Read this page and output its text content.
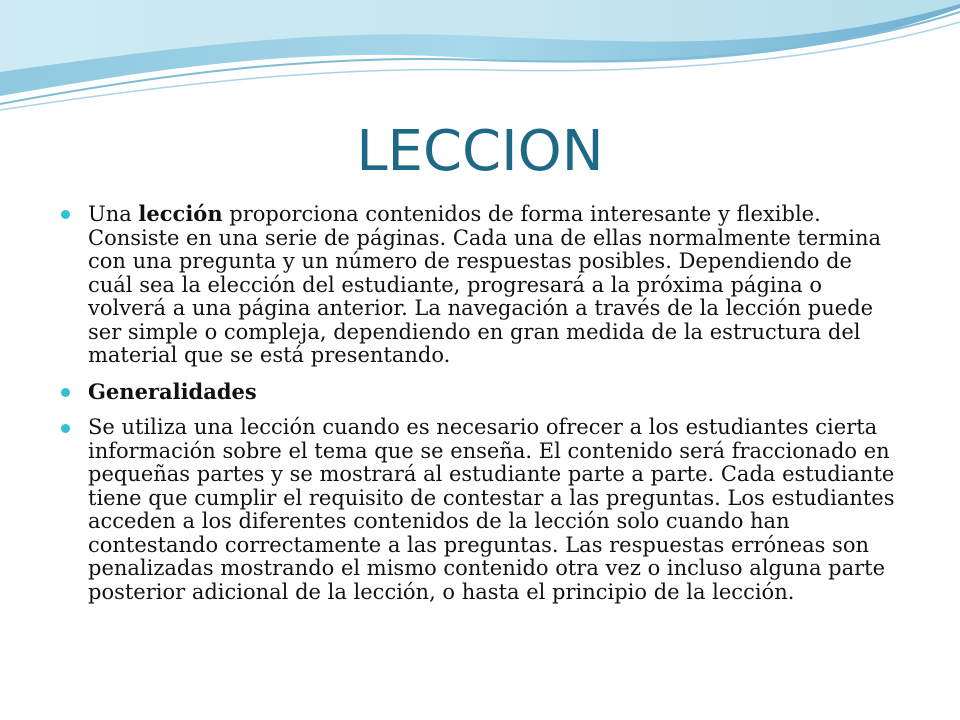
LECCION
Una lección proporciona contenidos de forma interesante y flexible. Consiste en una serie de páginas. Cada una de ellas normalmente termina con una pregunta y un número de respuestas posibles. Dependiendo de cuál sea la elección del estudiante, progresará a la próxima página o volverá a una página anterior. La navegación a través de la lección puede ser simple o compleja, dependiendo en gran medida de la estructura del material que se está presentando.
Generalidades
Se utiliza una lección cuando es necesario ofrecer a los estudiantes cierta información sobre el tema que se enseña. El contenido será fraccionado en pequeñas partes y se mostrará al estudiante parte a parte. Cada estudiante tiene que cumplir el requisito de contestar a las preguntas. Los estudiantes acceden a los diferentes contenidos de la lección solo cuando han contestando correctamente a las preguntas. Las respuestas erróneas son penalizadas mostrando el mismo contenido otra vez o incluso alguna parte posterior adicional de la lección, o hasta el principio de la lección.
